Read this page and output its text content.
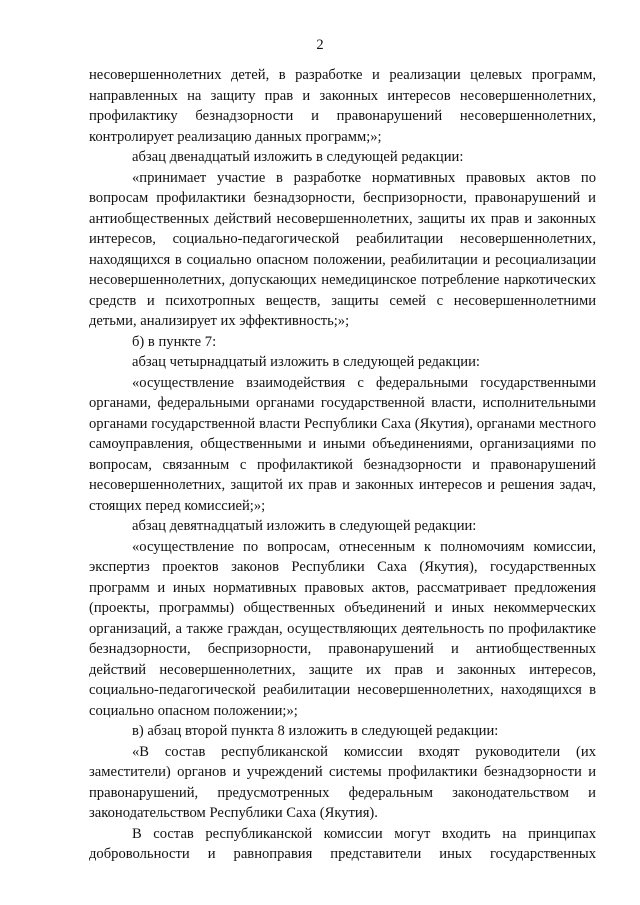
2

несовершеннолетних детей, в разработке и реализации целевых программ, направленных на защиту прав и законных интересов несовершеннолетних, профилактику безнадзорности и правонарушений несовершеннолетних, контролирует реализацию данных программ;»;

абзац двенадцатый изложить в следующей редакции:

«принимает участие в разработке нормативных правовых актов по вопросам профилактики безнадзорности, беспризорности, правонарушений и антиобщественных действий несовершеннолетних, защиты их прав и законных интересов, социально-педагогической реабилитации несовершеннолетних, находящихся в социально опасном положении, реабилитации и ресоциализации несовершеннолетних, допускающих немедицинское потребление наркотических средств и психотропных веществ, защиты семей с несовершеннолетними детьми, анализирует их эффективность;»;

б) в пункте 7:

абзац четырнадцатый изложить в следующей редакции:

«осуществление взаимодействия с федеральными государственными органами, федеральными органами государственной власти, исполнительными органами государственной власти Республики Саха (Якутия), органами местного самоуправления, общественными и иными объединениями, организациями по вопросам, связанным с профилактикой безнадзорности и правонарушений несовершеннолетних, защитой их прав и законных интересов и решения задач, стоящих перед комиссией;»;

абзац девятнадцатый изложить в следующей редакции:

«осуществление по вопросам, отнесенным к полномочиям комиссии, экспертиз проектов законов Республики Саха (Якутия), государственных программ и иных нормативных правовых актов, рассматривает предложения (проекты, программы) общественных объединений и иных некоммерческих организаций, а также граждан, осуществляющих деятельность по профилактике безнадзорности, беспризорности, правонарушений и антиобщественных действий несовершеннолетних, защите их прав и законных интересов, социально-педагогической реабилитации несовершеннолетних, находящихся в социально опасном положении;»;

в) абзац второй пункта 8 изложить в следующей редакции:

«В состав республиканской комиссии входят руководители (их заместители) органов и учреждений системы профилактики безнадзорности и правонарушений, предусмотренных федеральным законодательством и законодательством Республики Саха (Якутия).

В состав республиканской комиссии могут входить на принципах добровольности и равноправия представители иных государственных
